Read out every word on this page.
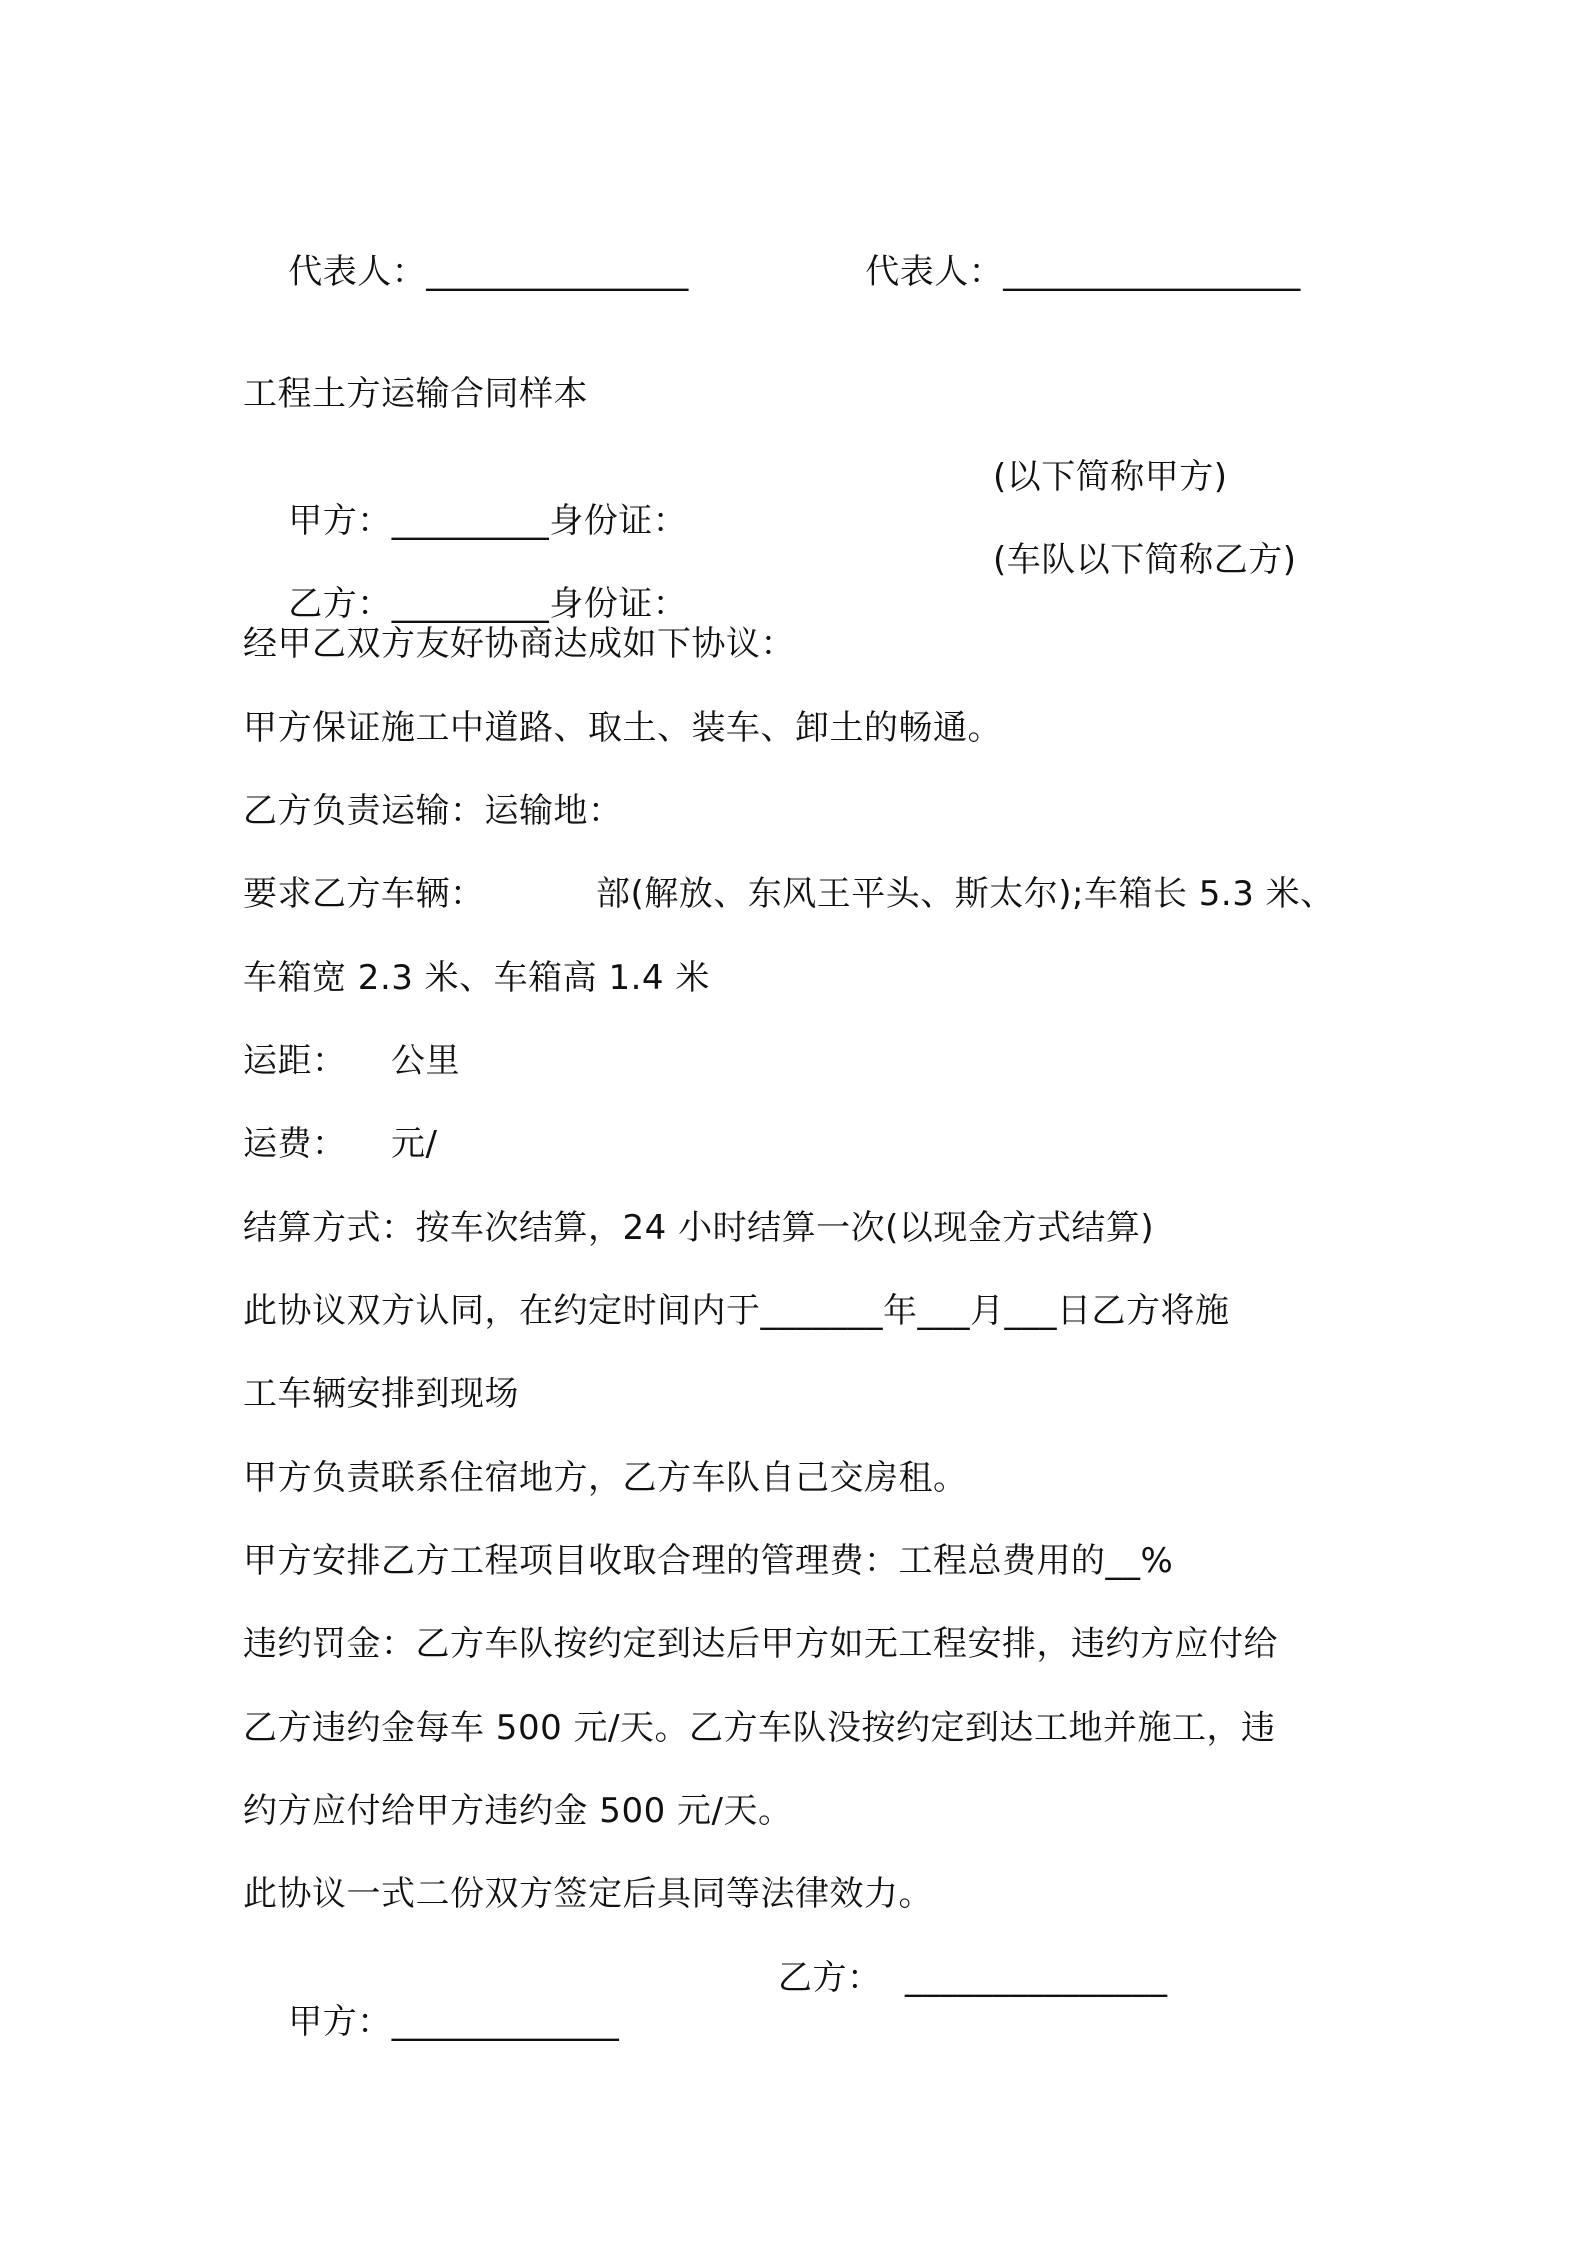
代表人：_______________
	代表人：_________________

工程土方运输合同样本

甲方：_________身份证：

(以下简称甲方)

乙方：_________身份证：

(车队以下简称乙方)
经甲乙双方友好协商达成如下协议：
甲方保证施工中道路、取土、装车、卸土的畅通。
乙方负责运输：运输地：
要求乙方车辆：	部(解放、东风王平头、斯太尔);车箱长 5.3 米、
车箱宽 2.3 米、车箱高 1.4 米
运距： 公里
运费： 元/
结算方式：按车次结算，24 小时结算一次(以现金方式结算)
此协议双方认同，在约定时间内于_______年___月___日乙方将施
工车辆安排到现场
甲方负责联系住宿地方，乙方车队自己交房租。
甲方安排乙方工程项目收取合理的管理费：工程总费用的__%
违约罚金：乙方车队按约定到达后甲方如无工程安排，违约方应付给
乙方违约金每车 500 元/天。乙方车队没按约定到达工地并施工，违
约方应付给甲方违约金 500 元/天。
此协议一式二份双方签定后具同等法律效力。

甲方：_____________

乙方： _______________
